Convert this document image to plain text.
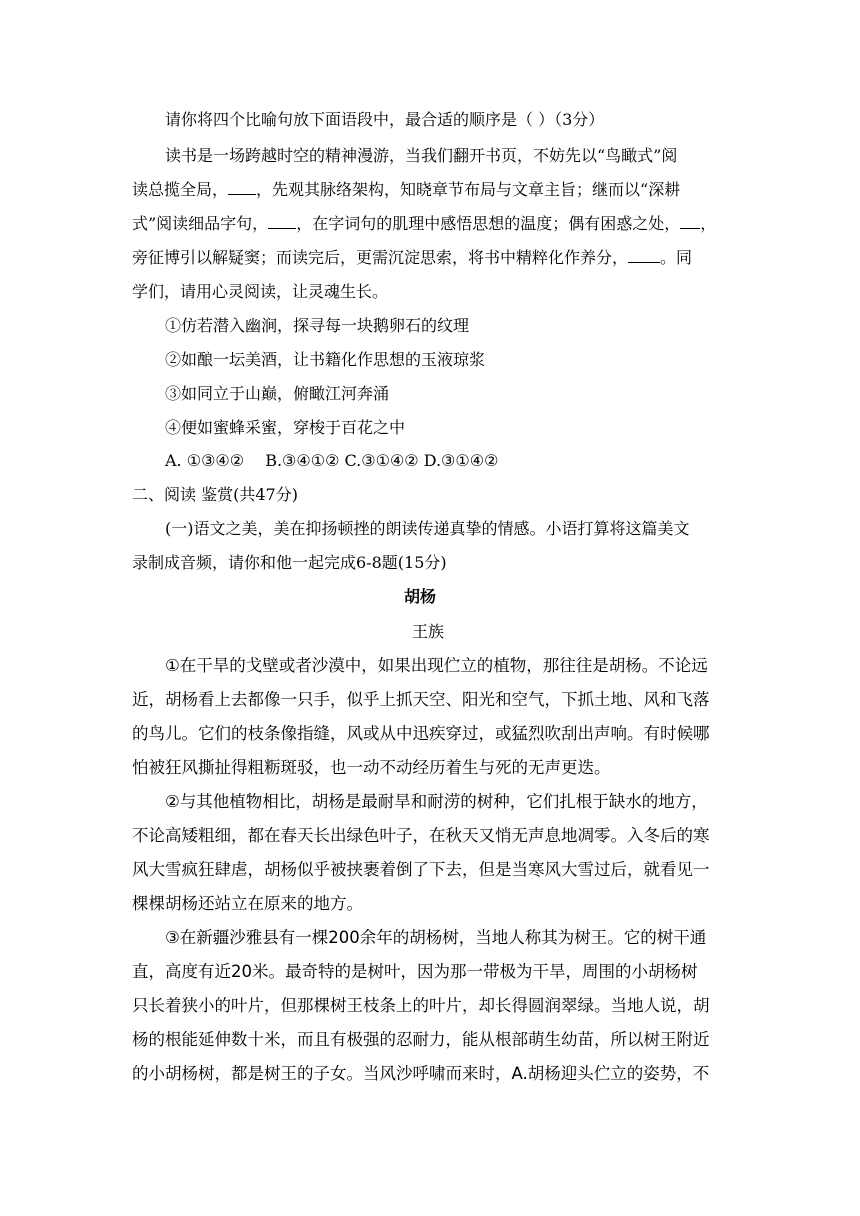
请你将四个比喻句放下面语段中，最合适的顺序是（ ）（3分）
读书是一场跨越时空的精神漫游，当我们翻开书页，不妨先以“鸟瞰式”阅
读总揽全局， ，先观其脉络架构，知晓章节布局与文章主旨；继而以“深耕
式”阅读细品字句， ，在字词句的肌理中感悟思想的温度；偶有困惑之处， ，
旁征博引以解疑窦；而读完后，更需沉淀思索，将书中精粹化作养分， 。同
学们，请用心灵阅读，让灵魂生长。
①仿若潜入幽涧，探寻每一块鹅卵石的纹理
②如酿一坛美酒，让书籍化作思想的玉液琼浆
③如同立于山巅，俯瞰江河奔涌
④便如蜜蜂采蜜，穿梭于百花之中
A. ①③④②　 B.③④①② C.③①④② D.③①④②
二、阅读 鉴赏(共47分)
(一)语文之美，美在抑扬顿挫的朗读传递真挚的情感。小语打算将这篇美文
录制成音频，请你和他一起完成6-8题(15分)
胡杨
王族
①在干旱的戈壁或者沙漠中，如果出现伫立的植物，那往往是胡杨。不论远
近，胡杨看上去都像一只手，似乎上抓天空、阳光和空气，下抓土地、风和飞落
的鸟儿。它们的枝条像指缝，风或从中迅疾穿过，或猛烈吹刮出声响。有时候哪
怕被狂风撕扯得粗粝斑驳，也一动不动经历着生与死的无声更迭。
②与其他植物相比，胡杨是最耐旱和耐涝的树种，它们扎根于缺水的地方，
不论高矮粗细，都在春天长出绿色叶子，在秋天又悄无声息地凋零。入冬后的寒
风大雪疯狂肆虐，胡杨似乎被挟裹着倒了下去，但是当寒风大雪过后，就看见一
棵棵胡杨还站立在原来的地方。
③在新疆沙雅县有一棵200余年的胡杨树，当地人称其为树王。它的树干通
直，高度有近20米。最奇特的是树叶，因为那一带极为干旱，周围的小胡杨树
只长着狭小的叶片，但那棵树王枝条上的叶片，却长得圆润翠绿。当地人说，胡
杨的根能延伸数十米，而且有极强的忍耐力，能从根部萌生幼苗，所以树王附近
的小胡杨树，都是树王的子女。当风沙呼啸而来时，A.胡杨迎头伫立的姿势，不
